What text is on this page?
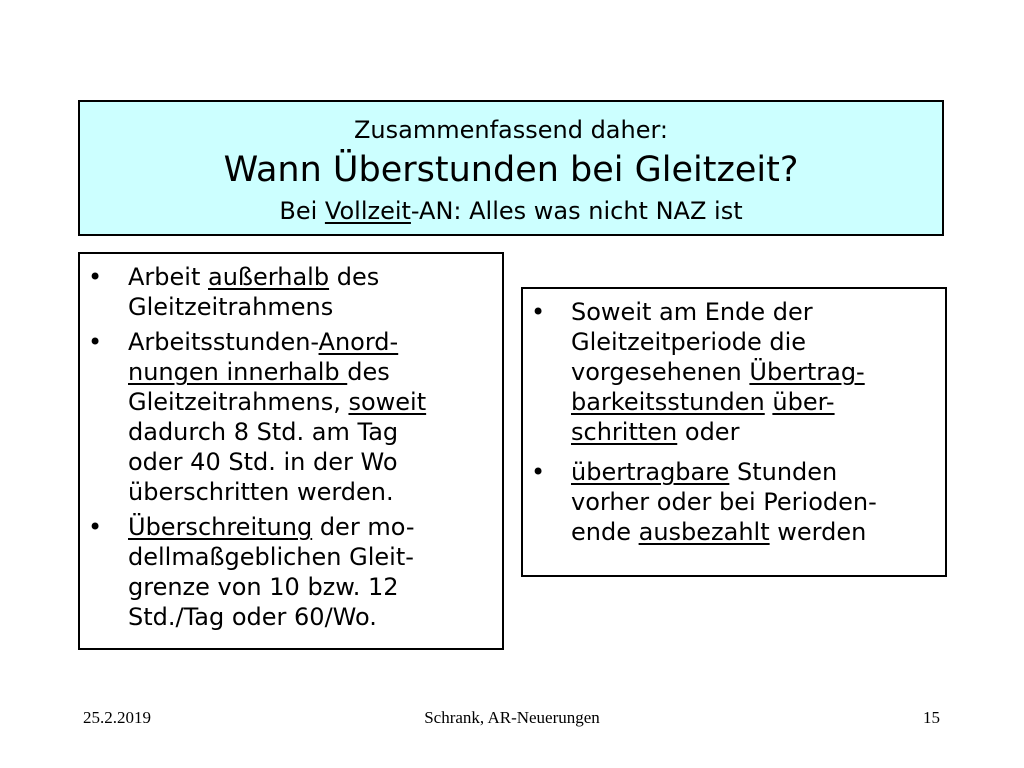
Zusammenfassend daher:
Wann Überstunden bei Gleitzeit?
Bei Vollzeit-AN: Alles was nicht NAZ ist
• Arbeit außerhalb des
Gleitzeitrahmens
• Arbeitsstunden-Anord-
nungen innerhalb des
Gleitzeitrahmens, soweit
dadurch 8 Std. am Tag
oder 40 Std. in der Wo
überschritten werden.
• Überschreitung der mo-
dellmaßgeblichen Gleit-
grenze von 10 bzw. 12
Std./Tag oder 60/Wo.
• Soweit am Ende der
Gleitzeitperiode die
vorgesehenen Übertrag-
barkeitsstunden über-
schritten oder
• übertragbare Stunden
vorher oder bei Perioden-
ende ausbezahlt werden
25.2.2019	Schrank, AR-Neuerungen	15
